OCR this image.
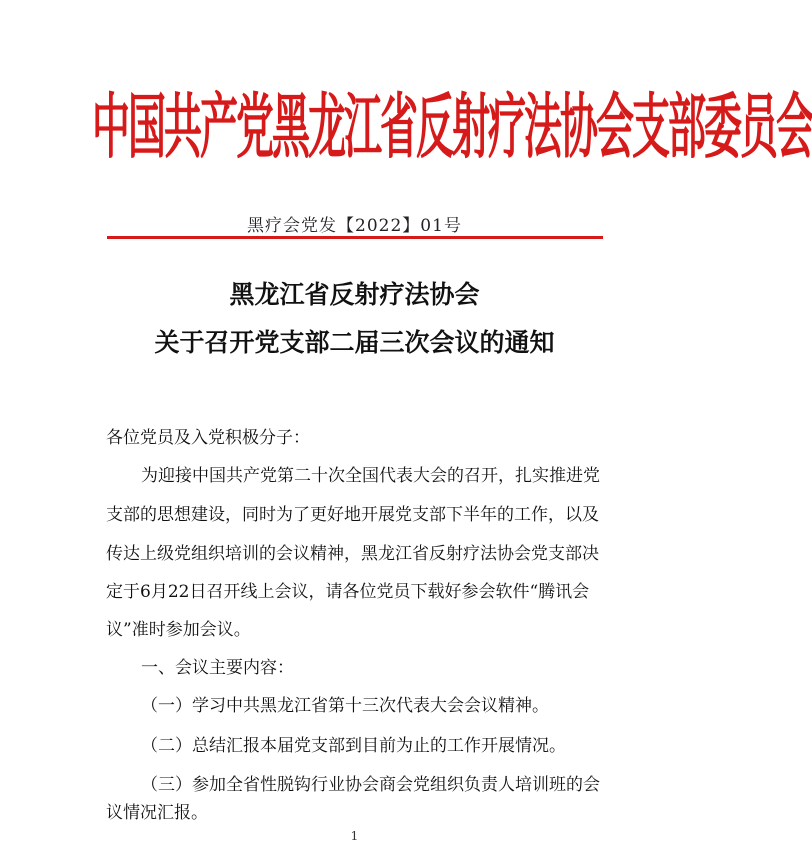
中国共产党黑龙江省反射疗法协会支部委员会
黑疗会党发【2022】01号
黑龙江省反射疗法协会
关于召开党支部二届三次会议的通知
各位党员及入党积极分子：
为迎接中国共产党第二十次全国代表大会的召开，扎实推进党
支部的思想建设，同时为了更好地开展党支部下半年的工作，以及
传达上级党组织培训的会议精神，黑龙江省反射疗法协会党支部决
定于6月22日召开线上会议，请各位党员下载好参会软件“腾讯会
议”准时参加会议。
一、会议主要内容：
（一）学习中共黑龙江省第十三次代表大会会议精神。
（二）总结汇报本届党支部到目前为止的工作开展情况。
（三）参加全省性脱钩行业协会商会党组织负责人培训班的会
议情况汇报。
1
